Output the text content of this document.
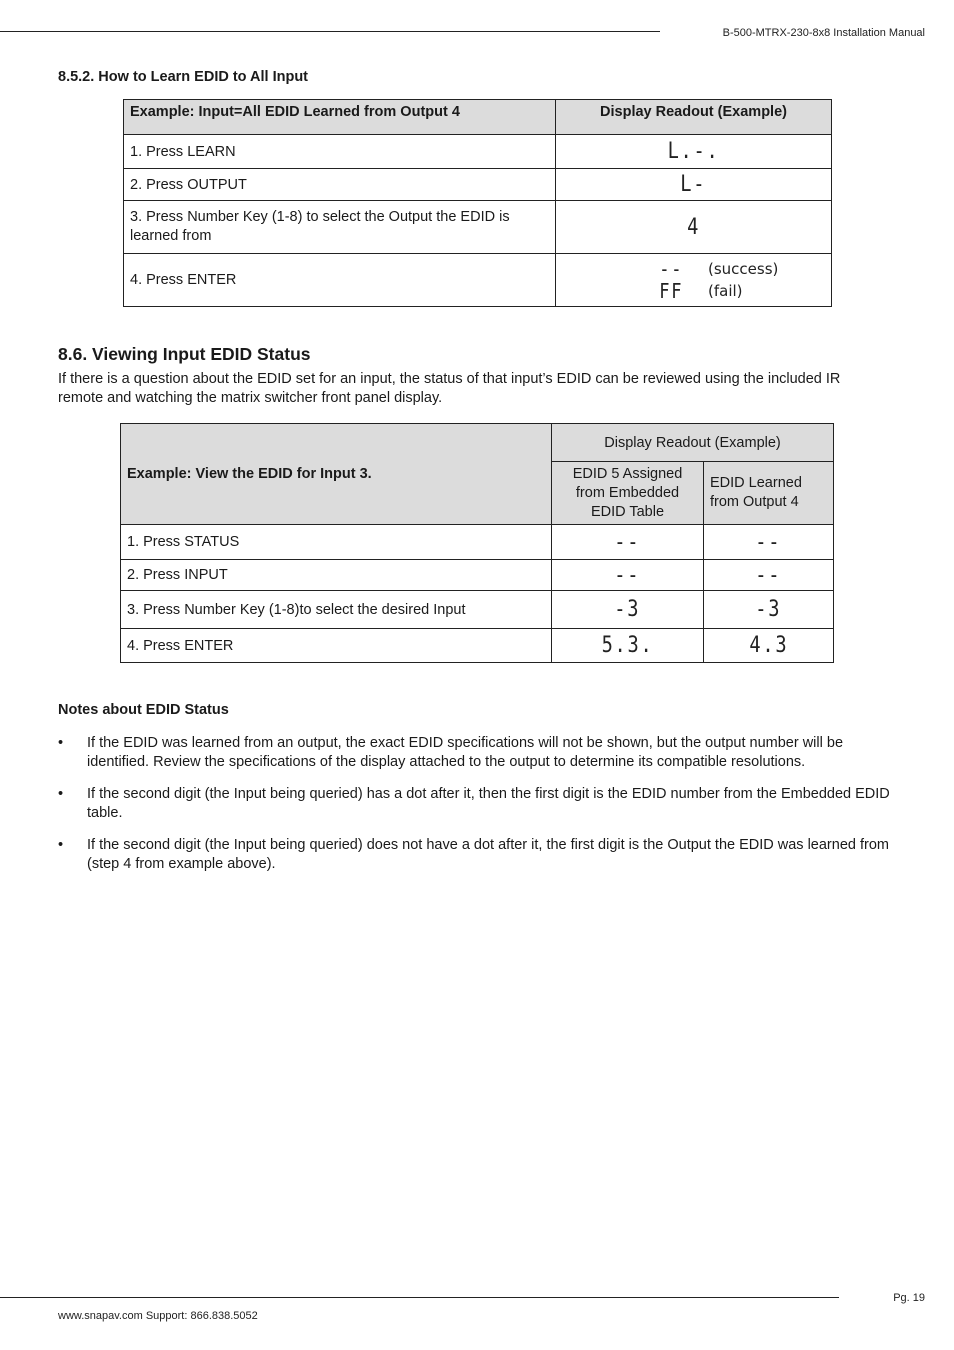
B-500-MTRX-230-8x8 Installation Manual
8.5.2. How to Learn EDID to All Input
Example: Input=All EDID Learned from Output 4	Display Readout (Example)
1. Press LEARN	L.-.
2. Press OUTPUT	L-
3. Press Number Key (1-8) to select the Output the EDID is learned from	4
4. Press ENTER	-- (success)
FF (fail)
8.6. Viewing Input EDID Status

If there is a question about the EDID set for an input, the status of that input’s EDID can be reviewed using the included IR remote and watching the matrix switcher front panel display.

Example: View the EDID for Input 3.	Display Readout (Example)	
	EDID 5 Assigned from Embedded EDID Table	EDID Learned from Output 4
1. Press STATUS	--	--
2. Press INPUT	--	--
3. Press Number Key (1-8)to select the desired Input	-3	-3
4. Press ENTER	5.3.	4.3
Notes about EDID Status
• If the EDID was learned from an output, the exact EDID specifications will not be shown, but the output number will be identified. Review the specifications of the display attached to the output to determine its compatible resolutions.
• If the second digit (the Input being queried) has a dot after it, then the first digit is the EDID number from the Embedded EDID table.
• If the second digit (the Input being queried) does not have a dot after it, the first digit is the Output the EDID was learned from (step 4 from example above).
Pg. 19
www.snapav.com Support: 866.838.5052
